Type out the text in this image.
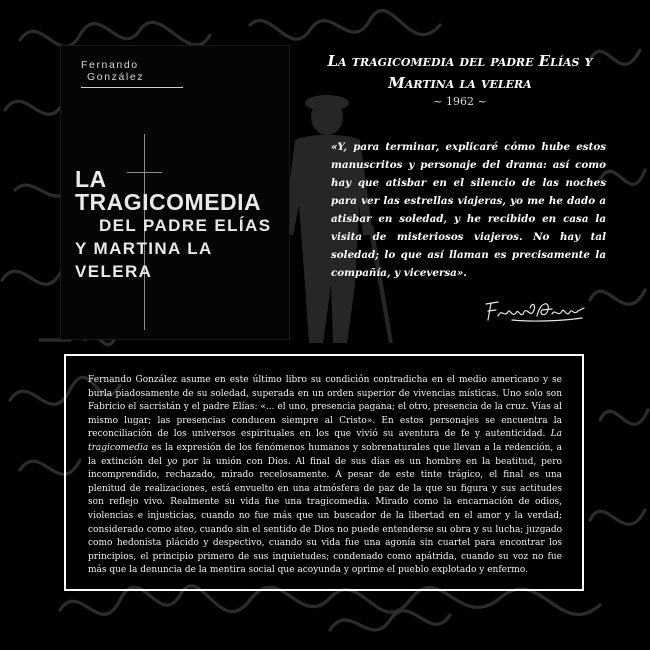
Fernando
González
LA TRAGICOMEDIA
DEL PADRE ELÍAS
Y MARTINA LA VELERA
La tragicomedia del padre Elías y Martina la velera
~ 1962 ~
«Y, para terminar, explicaré cómo hube estos manuscritos y personaje del drama: así como hay que atisbar en el silencio de las noches para ver las estrellas viajeras, yo me he dado a atisbar en soledad, y he recibido en casa la visita de misteriosos viajeros. No hay tal soledad; lo que así llaman es precisamente la compañía, y viceversa».
Fernando González asume en este último libro su condición contradicha en el medio americano y se burla piadosamente de su soledad, superada en un orden superior de vivencias místicas. Uno solo son Fabricio el sacristán y el padre Elías: «... el uno, presencia pagana; el otro, presencia de la cruz. Vías al mismo lugar; las presencias conducen siempre al Cristo». En estos personajes se encuentra la reconciliación de los universos espirituales en los que vivió su aventura de fe y autenticidad. La tragicomedia es la expresión de los fenómenos humanos y sobrenaturales que llevan a la redención, a la extinción del yo por la unión con Dios. Al final de sus días es un hombre en la beatitud, pero incomprendido, rechazado, mirado recelosamente. A pesar de este tinte trágico, el final es una plenitud de realizaciones, está envuelto en una atmósfera de paz de la que su figura y sus actitudes son reflejo vivo. Realmente su vida fue una tragicomedia. Mirado como la encarnación de odios, violencias e injusticias, cuando no fue más que un buscador de la libertad en el amor y la verdad; considerado como ateo, cuando sin el sentido de Dios no puede entenderse su obra y su lucha; juzgado como hedonista plácido y despectivo, cuando su vida fue una agonía sin cuartel para encontrar los principios, el principio primero de sus inquietudes; condenado como apátrida, cuando su voz no fue más que la denuncia de la mentira social que acoyunda y oprime el pueblo explotado y enfermo.
